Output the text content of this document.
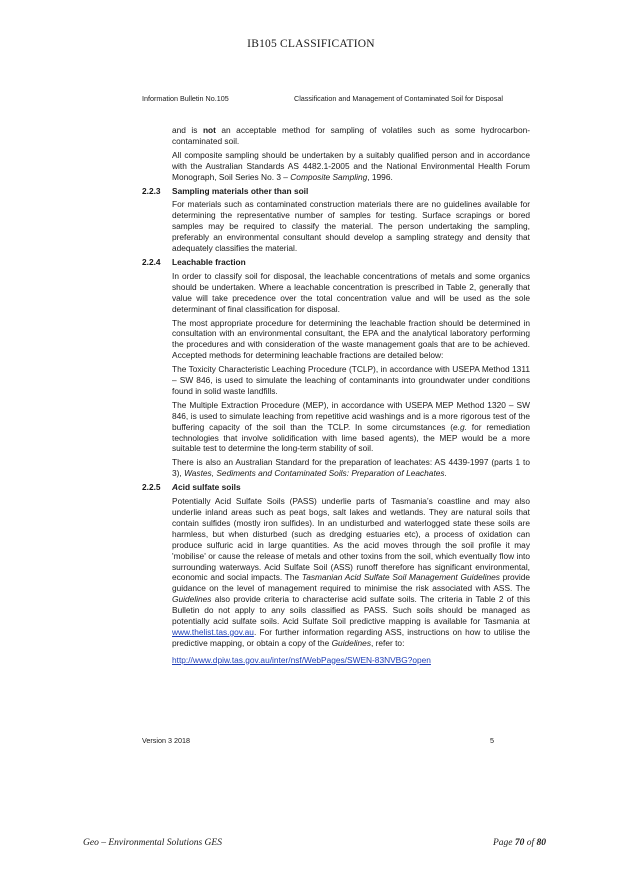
IB105 CLASSIFICATION
Information Bulletin No.105	Classification and Management of Contaminated Soil for Disposal

and is not an acceptable method for sampling of volatiles such as some hydrocarbon-contaminated soil.

All composite sampling should be undertaken by a suitably qualified person and in accordance with the Australian Standards AS 4482.1-2005 and the National Environmental Health Forum Monograph, Soil Series No. 3 – Composite Sampling, 1996.

2.2.3	Sampling materials other than soil

For materials such as contaminated construction materials there are no guidelines available for determining the representative number of samples for testing. Surface scrapings or bored samples may be required to classify the material. The person undertaking the sampling, preferably an environmental consultant should develop a sampling strategy and density that adequately classifies the material.

2.2.4	Leachable fraction

In order to classify soil for disposal, the leachable concentrations of metals and some organics should be undertaken. Where a leachable concentration is prescribed in Table 2, generally that value will take precedence over the total concentration value and will be used as the sole determinant of final classification for disposal.

The most appropriate procedure for determining the leachable fraction should be determined in consultation with an environmental consultant, the EPA and the analytical laboratory performing the procedures and with consideration of the waste management goals that are to be achieved. Accepted methods for determining leachable fractions are detailed below:

The Toxicity Characteristic Leaching Procedure (TCLP), in accordance with USEPA Method 1311 – SW 846, is used to simulate the leaching of contaminants into groundwater under conditions found in solid waste landfills.

The Multiple Extraction Procedure (MEP), in accordance with USEPA MEP Method 1320 – SW 846, is used to simulate leaching from repetitive acid washings and is a more rigorous test of the buffering capacity of the soil than the TCLP. In some circumstances (e.g. for remediation technologies that involve solidification with lime based agents), the MEP would be a more suitable test to determine the long-term stability of soil.

There is also an Australian Standard for the preparation of leachates: AS 4439-1997 (parts 1 to 3), Wastes, Sediments and Contaminated Soils: Preparation of Leachates.

2.2.5	Acid sulfate soils

Potentially Acid Sulfate Soils (PASS) underlie parts of Tasmania’s coastline and may also underlie inland areas such as peat bogs, salt lakes and wetlands. They are natural soils that contain sulfides (mostly iron sulfides). In an undisturbed and waterlogged state these soils are harmless, but when disturbed (such as dredging estuaries etc), a process of oxidation can produce sulfuric acid in large quantities. As the acid moves through the soil profile it may 'mobilise' or cause the release of metals and other toxins from the soil, which eventually flow into surrounding waterways. Acid Sulfate Soil (ASS) runoff therefore has significant environmental, economic and social impacts. The Tasmanian Acid Sulfate Soil Management Guidelines provide guidance on the level of management required to minimise the risk associated with ASS. The Guidelines also provide criteria to characterise acid sulfate soils. The criteria in Table 2 of this Bulletin do not apply to any soils classified as PASS. Such soils should be managed as potentially acid sulfate soils. Acid Sulfate Soil predictive mapping is available for Tasmania at www.thelist.tas.gov.au. For further information regarding ASS, instructions on how to utilise the predictive mapping, or obtain a copy of the Guidelines, refer to:

http://www.dpiw.tas.gov.au/inter/nsf/WebPages/SWEN-83NVBG?open

Version 3 2018	5
Geo – Environmental Solutions GES	Page 70 of 80
